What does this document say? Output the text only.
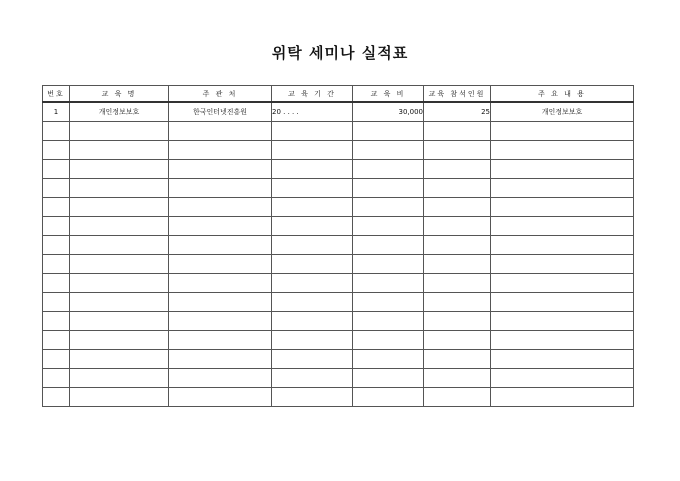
위탁 세미나 실적표
번호	교 육 명	주 관 처	교 육 기 간	교 육 비	교육 참석인원	주 요 내 용
1	개인정보보호	한국인터넷진흥원	20 . . . .	30,000	25	개인정보보호
